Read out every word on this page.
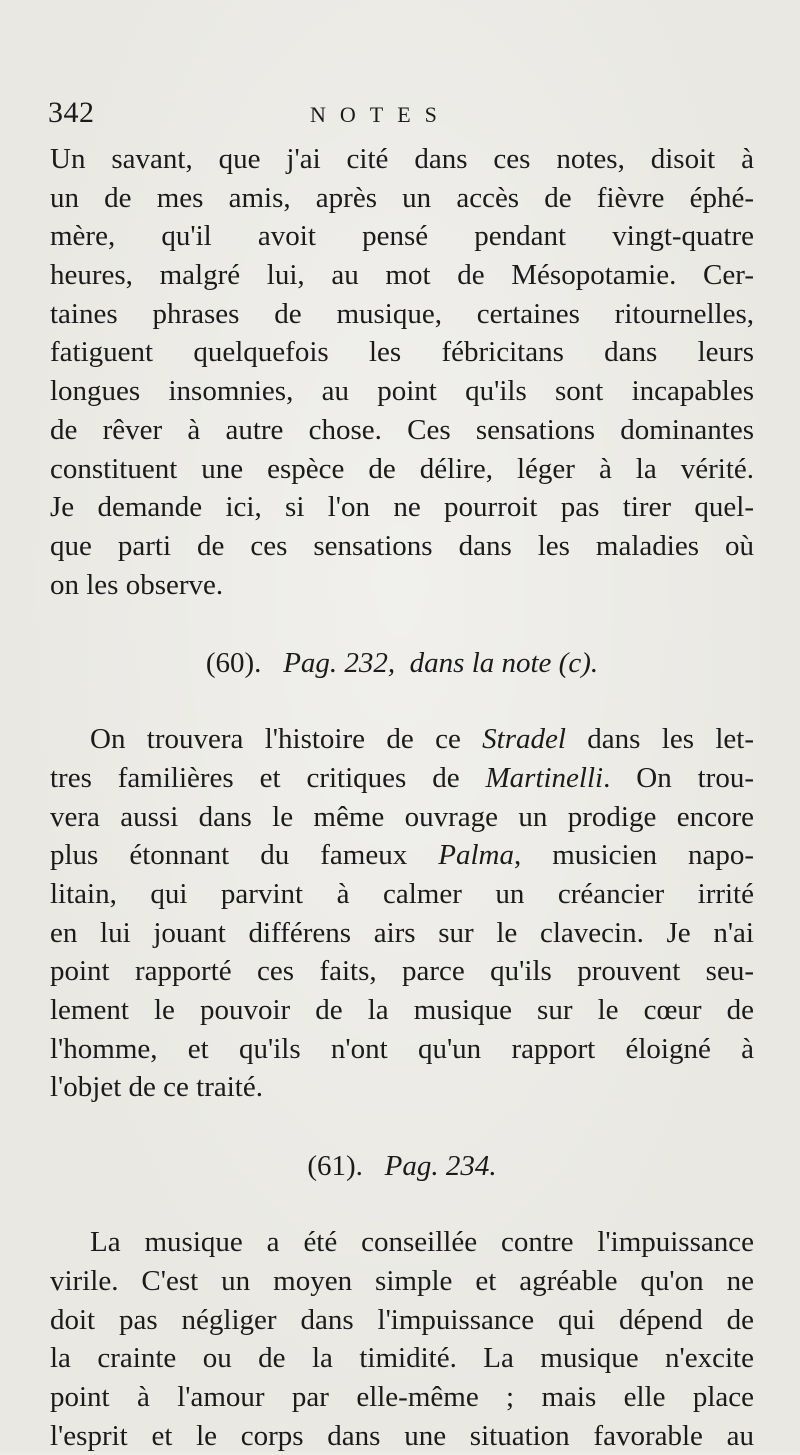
342	NOTES
Un savant, que j'ai cité dans ces notes, disoit à
un de mes amis, après un accès de fièvre éphé-
mère, qu'il avoit pensé pendant vingt-quatre
heures, malgré lui, au mot de Mésopotamie. Cer-
taines phrases de musique, certaines ritournelles,
fatiguent quelquefois les fébricitans dans leurs
longues insomnies, au point qu'ils sont incapables
de rêver à autre chose. Ces sensations dominantes
constituent une espèce de délire, léger à la vérité.
Je demande ici, si l'on ne pourroit pas tirer quel-
que parti de ces sensations dans les maladies où
on les observe.
(60). Pag. 232, dans la note (c).
On trouvera l'histoire de ce Stradel dans les let-
tres familières et critiques de Martinelli. On trou-
vera aussi dans le même ouvrage un prodige encore
plus étonnant du fameux Palma, musicien napo-
litain, qui parvint à calmer un créancier irrité
en lui jouant différens airs sur le clavecin. Je n'ai
point rapporté ces faits, parce qu'ils prouvent seu-
lement le pouvoir de la musique sur le cœur de
l'homme, et qu'ils n'ont qu'un rapport éloigné à
l'objet de ce traité.
(61). Pag. 234.
La musique a été conseillée contre l'impuissance
virile. C'est un moyen simple et agréable qu'on ne
doit pas négliger dans l'impuissance qui dépend de
la crainte ou de la timidité. La musique n'excite
point à l'amour par elle-même ; mais elle place
l'esprit et le corps dans une situation favorable au
